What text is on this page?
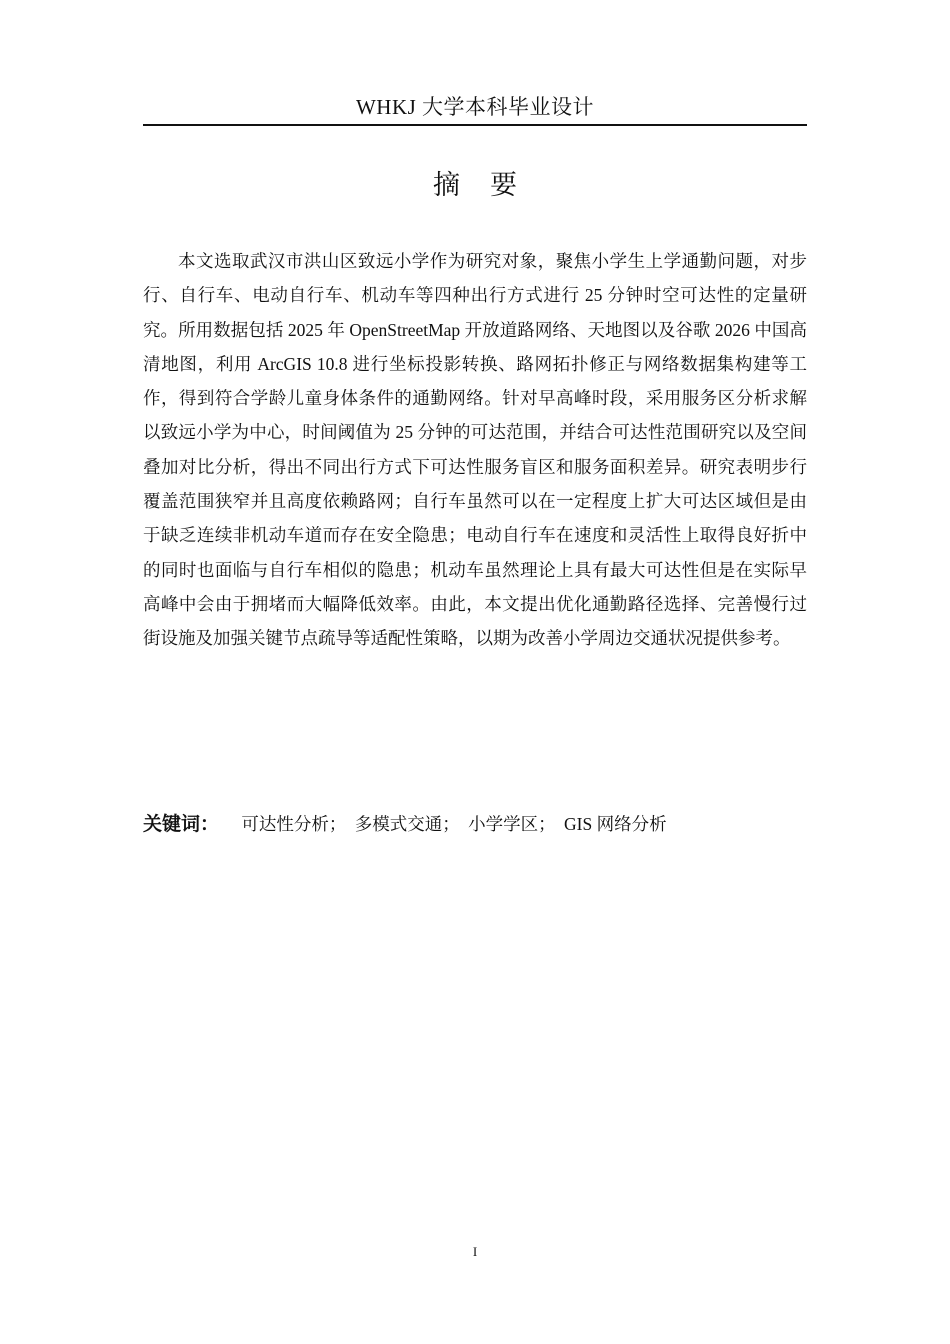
WHKJ 大学本科毕业设计
摘要

本文选取武汉市洪山区致远小学作为研究对象，聚焦小学生上学通勤问题，对步行、自行车、电动自行车、机动车等四种出行方式进行 25 分钟时空可达性的定量研究。所用数据包括 2025 年 OpenStreetMap 开放道路网络、天地图以及谷歌 2026 中国高清地图，利用 ArcGIS 10.8 进行坐标投影转换、路网拓扑修正与网络数据集构建等工作，得到符合学龄儿童身体条件的通勤网络。针对早高峰时段，采用服务区分析求解以致远小学为中心，时间阈值为 25 分钟的可达范围，并结合可达性范围研究以及空间叠加对比分析，得出不同出行方式下可达性服务盲区和服务面积差异。研究表明步行覆盖范围狭窄并且高度依赖路网；自行车虽然可以在一定程度上扩大可达区域但是由于缺乏连续非机动车道而存在安全隐患；电动自行车在速度和灵活性上取得良好折中的同时也面临与自行车相似的隐患；机动车虽然理论上具有最大可达性但是在实际早高峰中会由于拥堵而大幅降低效率。由此，本文提出优化通勤路径选择、完善慢行过街设施及加强关键节点疏导等适配性策略，以期为改善小学周边交通状况提供参考。

关键词： 可达性分析； 多模式交通； 小学学区； GIS 网络分析
I
